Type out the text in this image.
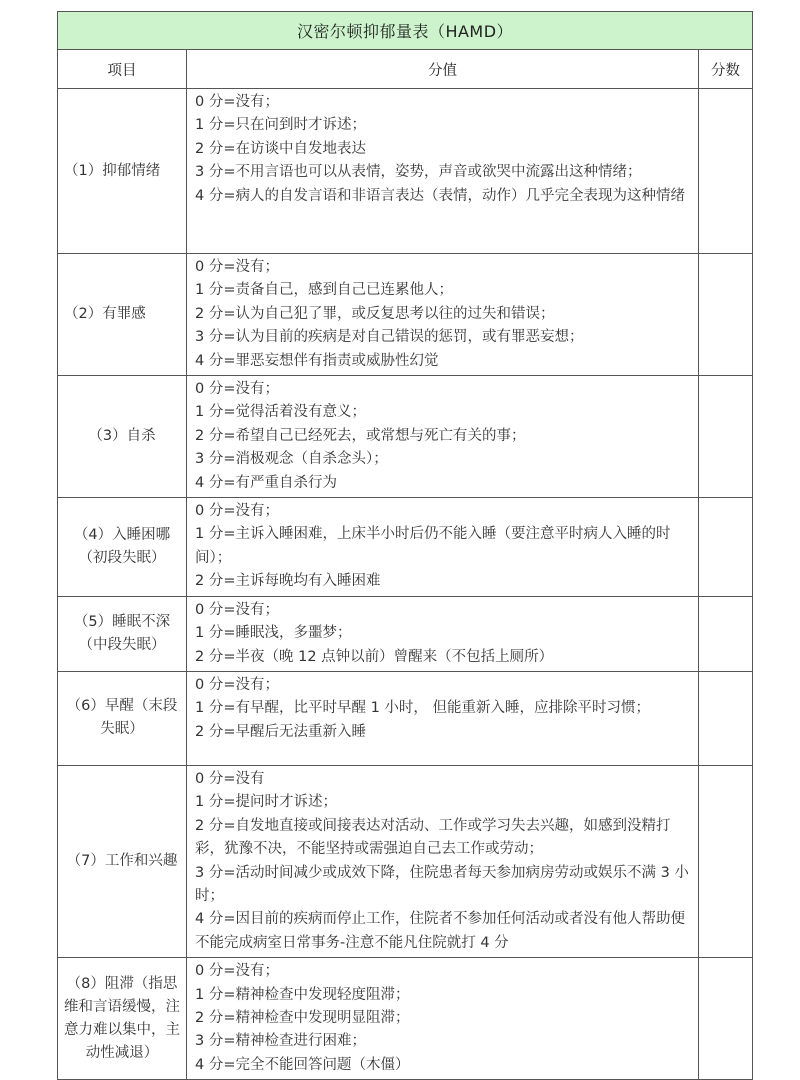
汉密尔顿抑郁量表（HAMD）		
项目	分值	分数
（1）抑郁情绪	0 分=没有；
1 分=只在问到时才诉述；
2 分=在访谈中自发地表达
3 分=不用言语也可以从表情，姿势，声音或欲哭中流露出这种情绪；
4 分=病人的自发言语和非语言表达（表情，动作）几乎完全表现为这种情绪	

（2）有罪感	0 分=没有；
1 分=责备自己，感到自己已连累他人；
2 分=认为自己犯了罪，或反复思考以往的过失和错误；
3 分=认为目前的疾病是对自己错误的惩罚，或有罪恶妄想；
4 分=罪恶妄想伴有指责或威胁性幻觉	

（3）自杀	0 分=没有；
1 分=觉得活着没有意义；
2 分=希望自己已经死去，或常想与死亡有关的事；
3 分=消极观念（自杀念头）；
4 分=有严重自杀行为	

（4）入睡困哪（初段失眠）	0 分=没有；
1 分=主诉入睡困难，上床半小时后仍不能入睡（要注意平时病人入睡的时间）；
2 分=主诉每晚均有入睡困难	

（5）睡眠不深（中段失眠）	0 分=没有；
1 分=睡眠浅，多噩梦；
2 分=半夜（晚 12 点钟以前）曾醒来（不包括上厕所）	

（6）早醒（末段失眠）	0 分=没有；
1 分=有早醒，比平时早醒 1 小时， 但能重新入睡，应排除平时习惯；
2 分=早醒后无法重新入睡	

（7）工作和兴趣	0 分=没有
1 分=提问时才诉述；
2 分=自发地直接或间接表达对活动、工作或学习失去兴趣，如感到没精打彩，犹豫不决，不能坚持或需强迫自己去工作或劳动；
3 分=活动时间减少或成效下降，住院患者每天参加病房劳动或娱乐不满 3 小时；
4 分=因目前的疾病而停止工作，住院者不参加任何活动或者没有他人帮助便不能完成病室日常事务-注意不能凡住院就打 4 分	

（8）阻滞（指思维和言语缓慢，注意力难以集中，主动性减退）	0 分=没有；
1 分=精神检查中发现轻度阻滞；
2 分=精神检查中发现明显阻滞；
3 分=精神检查进行困难；
4 分=完全不能回答问题（木僵）	
